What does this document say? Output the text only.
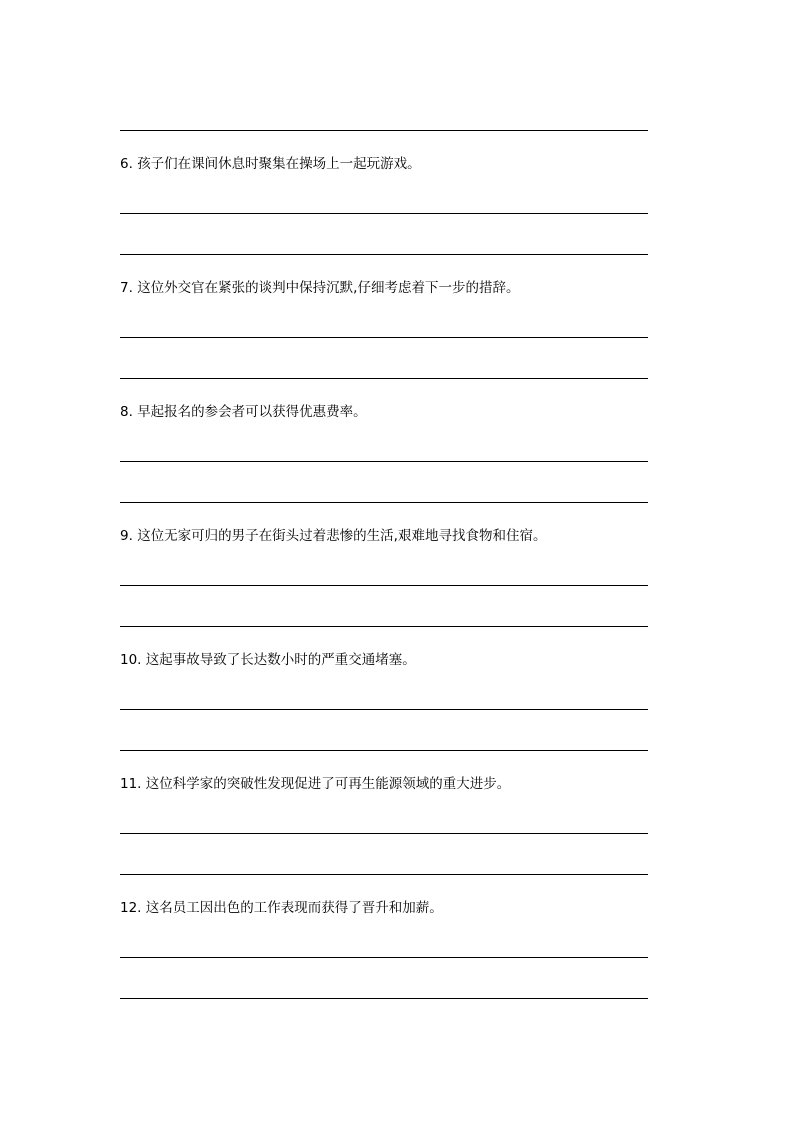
6. 孩子们在课间休息时聚集在操场上一起玩游戏。
7. 这位外交官在紧张的谈判中保持沉默,仔细考虑着下一步的措辞。
8. 早起报名的参会者可以获得优惠费率。
9. 这位无家可归的男子在街头过着悲惨的生活,艰难地寻找食物和住宿。
10. 这起事故导致了长达数小时的严重交通堵塞。
11. 这位科学家的突破性发现促进了可再生能源领域的重大进步。
12. 这名员工因出色的工作表现而获得了晋升和加薪。
